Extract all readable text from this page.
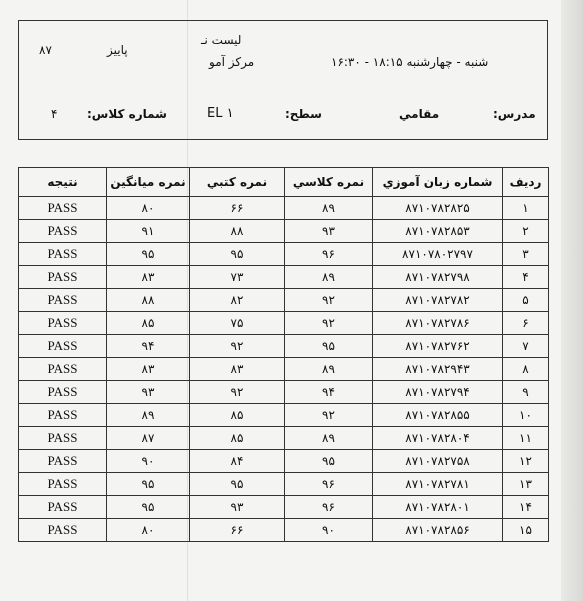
۸۷	پاییز
لیست نـ
مرکز آمو	شنبه - چهارشنبه ۱۸:۱۵ - ۱۶:۳۰
۴ شماره کلاس:	EL ۱	سطح:	مقامي	مدرس:
نتيجه	نمره ميانگين	نمره کتبي	نمره کلاسي	شماره زبان آموزي	رديف
PASS	۸۰	۶۶	۸۹	۸۷۱۰۷۸۲۸۲۵	۱
PASS	۹۱	۸۸	۹۳	۸۷۱۰۷۸۲۸۵۳	۲
PASS	۹۵	۹۵	۹۶	۸۷۱۰۷۸۰۲۷۹۷	۳
PASS	۸۳	۷۳	۸۹	۸۷۱۰۷۸۲۷۹۸	۴
PASS	۸۸	۸۲	۹۲	۸۷۱۰۷۸۲۷۸۲	۵
PASS	۸۵	۷۵	۹۲	۸۷۱۰۷۸۲۷۸۶	۶
PASS	۹۴	۹۲	۹۵	۸۷۱۰۷۸۲۷۶۲	۷
PASS	۸۳	۸۳	۸۹	۸۷۱۰۷۸۲۹۴۳	۸
PASS	۹۳	۹۲	۹۴	۸۷۱۰۷۸۲۷۹۴	۹
PASS	۸۹	۸۵	۹۲	۸۷۱۰۷۸۲۸۵۵	۱۰
PASS	۸۷	۸۵	۸۹	۸۷۱۰۷۸۲۸۰۴	۱۱
PASS	۹۰	۸۴	۹۵	۸۷۱۰۷۸۲۷۵۸	۱۲
PASS	۹۵	۹۵	۹۶	۸۷۱۰۷۸۲۷۸۱	۱۳
PASS	۹۵	۹۳	۹۶	۸۷۱۰۷۸۲۸۰۱	۱۴
PASS	۸۰	۶۶	۹۰	۸۷۱۰۷۸۲۸۵۶	۱۵
